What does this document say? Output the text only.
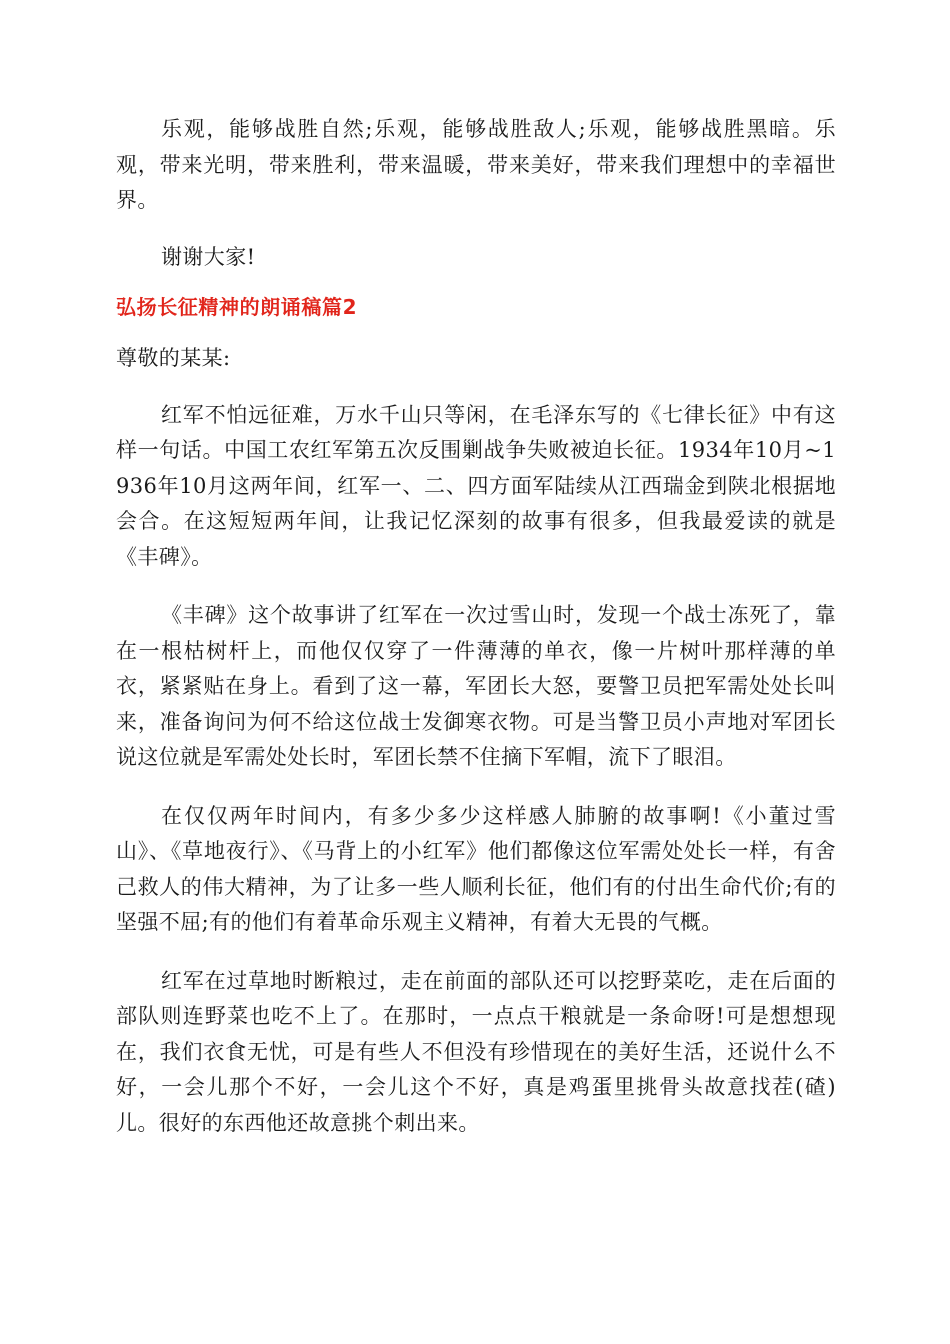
乐观，能够战胜自然;乐观，能够战胜敌人;乐观，能够战胜黑暗。乐观，带来光明，带来胜利，带来温暖，带来美好，带来我们理想中的幸福世界。

谢谢大家!

弘扬长征精神的朗诵稿篇2

尊敬的某某:

红军不怕远征难，万水千山只等闲，在毛泽东写的《七律长征》中有这样一句话。中国工农红军第五次反围剿战争失败被迫长征。1934年10月~1936年10月这两年间，红军一、二、四方面军陆续从江西瑞金到陕北根据地会合。在这短短两年间，让我记忆深刻的故事有很多，但我最爱读的就是《丰碑》。

《丰碑》这个故事讲了红军在一次过雪山时，发现一个战士冻死了，靠在一根枯树杆上，而他仅仅穿了一件薄薄的单衣，像一片树叶那样薄的单衣，紧紧贴在身上。看到了这一幕，军团长大怒，要警卫员把军需处处长叫来，准备询问为何不给这位战士发御寒衣物。可是当警卫员小声地对军团长说这位就是军需处处长时，军团长禁不住摘下军帽，流下了眼泪。

在仅仅两年时间内，有多少多少这样感人肺腑的故事啊!《小董过雪山》、《草地夜行》、《马背上的小红军》他们都像这位军需处处长一样，有舍己救人的伟大精神，为了让多一些人顺利长征，他们有的付出生命代价;有的坚强不屈;有的他们有着革命乐观主义精神，有着大无畏的气概。

红军在过草地时断粮过，走在前面的部队还可以挖野菜吃，走在后面的部队则连野菜也吃不上了。在那时，一点点干粮就是一条命呀!可是想想现在，我们衣食无忧，可是有些人不但没有珍惜现在的美好生活，还说什么不好，一会儿那个不好，一会儿这个不好，真是鸡蛋里挑骨头故意找茬(碴)儿。很好的东西他还故意挑个刺出来。
